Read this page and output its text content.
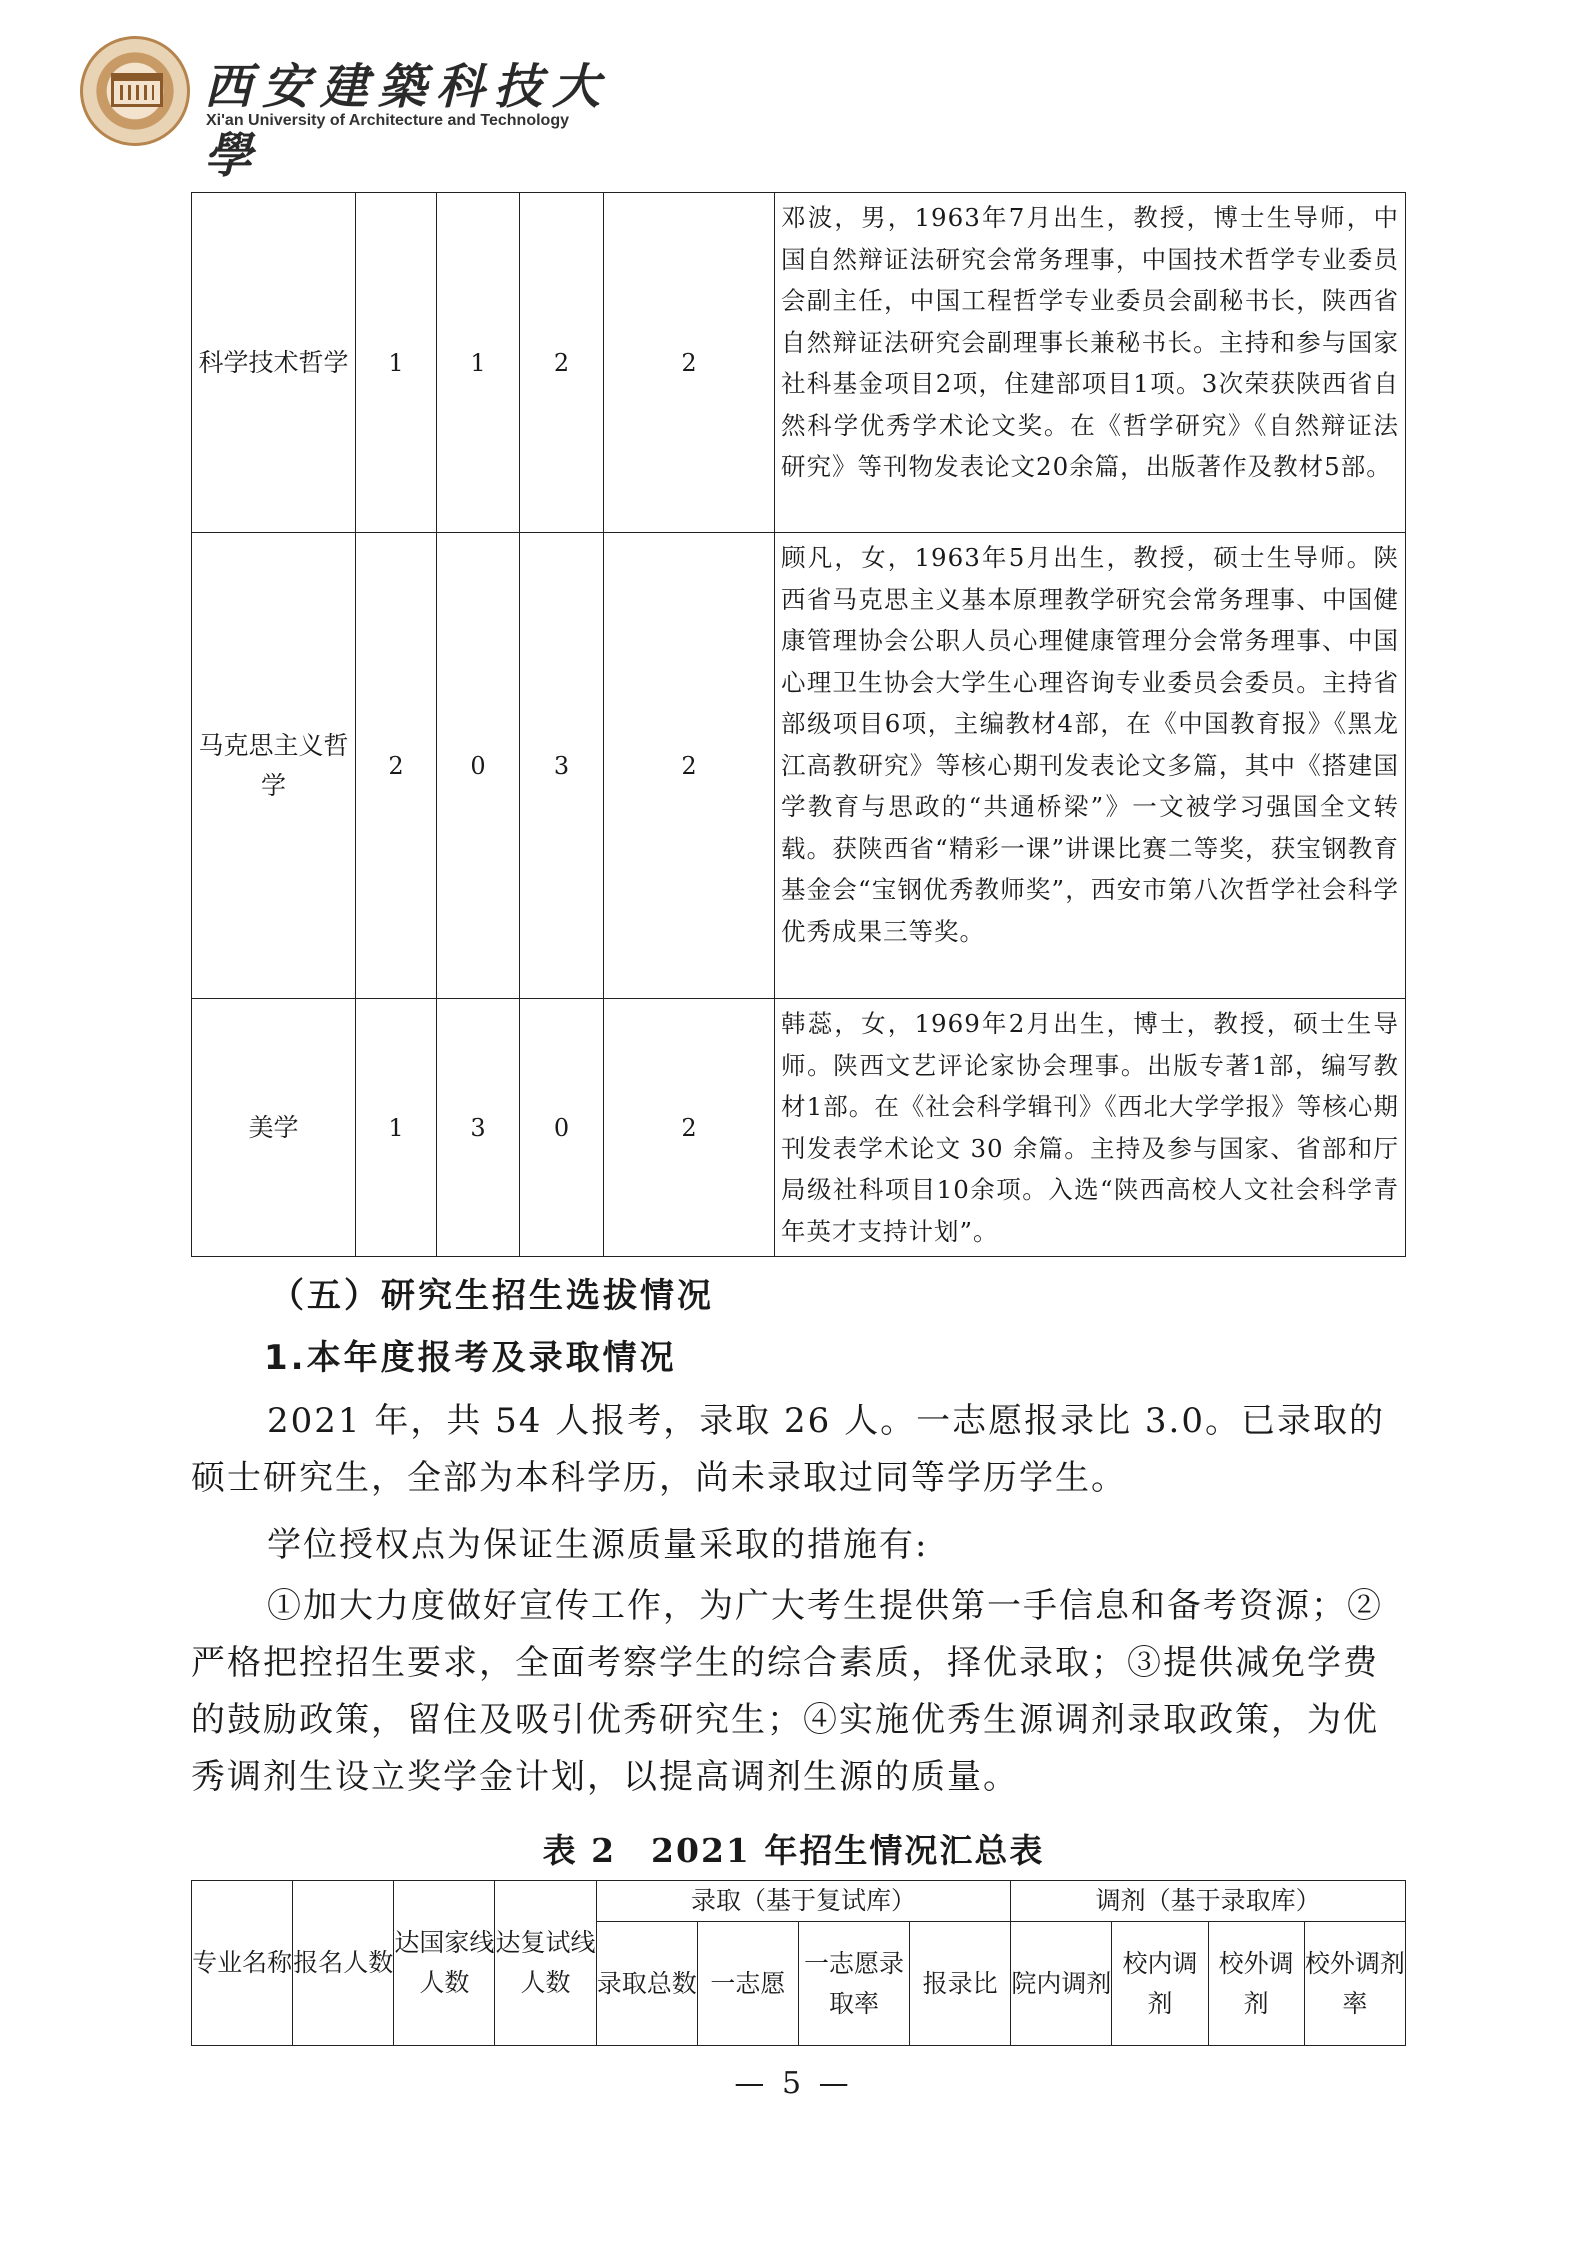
西安建築科技大學
Xi'an University of Architecture and Technology
科学技术哲学	1	1	2	2	邓波，男，1963年7月出生，教授，博士生导师，中国自然辩证法研究会常务理事，中国技术哲学专业委员会副主任，中国工程哲学专业委员会副秘书长，陕西省自然辩证法研究会副理事长兼秘书长。主持和参与国家社科基金项目2项，住建部项目1项。3次荣获陕西省自然科学优秀学术论文奖。在《哲学研究》《自然辩证法研究》等刊物发表论文20余篇，出版著作及教材5部。
马克思主义哲学	2	0	3	2	顾凡，女，1963年5月出生，教授，硕士生导师。陕西省马克思主义基本原理教学研究会常务理事、中国健康管理协会公职人员心理健康管理分会常务理事、中国心理卫生协会大学生心理咨询专业委员会委员。主持省部级项目6项，主编教材4部，在《中国教育报》《黑龙江高教研究》等核心期刊发表论文多篇，其中《搭建国学教育与思政的“共通桥梁”》一文被学习强国全文转载。获陕西省“精彩一课”讲课比赛二等奖，获宝钢教育基金会“宝钢优秀教师奖”，西安市第八次哲学社会科学优秀成果三等奖。
美学	1	3	0	2	韩蕊，女，1969年2月出生，博士，教授，硕士生导师。陕西文艺评论家协会理事。出版专著1部，编写教材1部。在《社会科学辑刊》《西北大学学报》等核心期刊发表学术论文 30 余篇。主持及参与国家、省部和厅局级社科项目10余项。入选“陕西高校人文社会科学青年英才支持计划”。
（五）研究生招生选拔情况
1.本年度报考及录取情况
2021 年，共 54 人报考，录取 26 人。一志愿报录比 3.0。已录取的硕士研究生，全部为本科学历，尚未录取过同等学历学生。
学位授权点为保证生源质量采取的措施有:
①加大力度做好宣传工作，为广大考生提供第一手信息和备考资源；②严格把控招生要求，全面考察学生的综合素质，择优录取；③提供减免学费的鼓励政策，留住及吸引优秀研究生；④实施优秀生源调剂录取政策，为优秀调剂生设立奖学金计划，以提高调剂生源的质量。
表 2　2021 年招生情况汇总表
专业名称	报名人数	达国家线人数	达复试线人数	录取（基于复试库）				调剂（基于录取库）			
				录取总数	一志愿	一志愿录取率	报录比	院内调剂	校内调剂	校外调剂	校外调剂率
— 5 —
